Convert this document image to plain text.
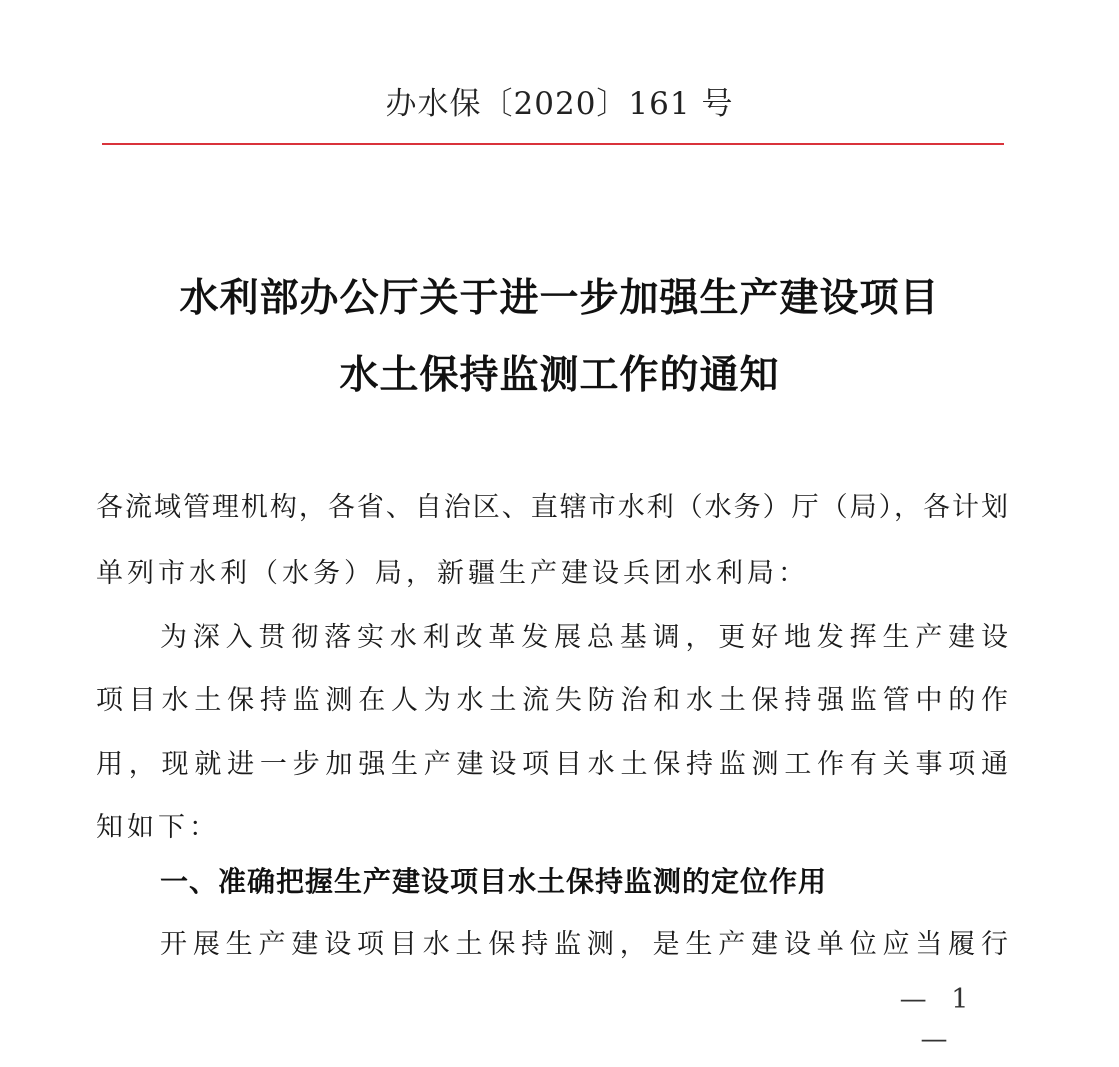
办水保〔2020〕161 号
水利部办公厅关于进一步加强生产建设项目
水土保持监测工作的通知
各流域管理机构，各省、自治区、直辖市水利（水务）厅（局），各计划
单列市水利（水务）局，新疆生产建设兵团水利局：
为深入贯彻落实水利改革发展总基调，更好地发挥生产建设
项目水土保持监测在人为水土流失防治和水土保持强监管中的作
用，现就进一步加强生产建设项目水土保持监测工作有关事项通
知如下：
一、准确把握生产建设项目水土保持监测的定位作用
开展生产建设项目水土保持监测，是生产建设单位应当履行
— 1 —
